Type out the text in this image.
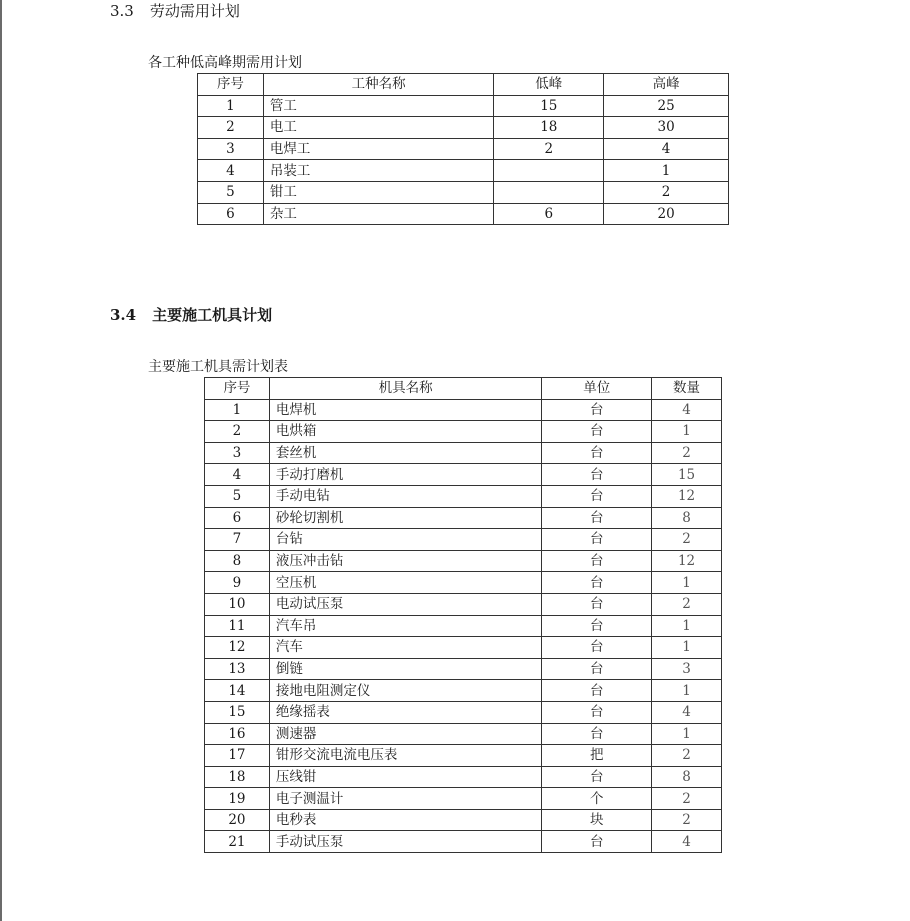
3.3 劳动需用计划
各工种低高峰期需用计划
序号	工种名称	低峰	高峰
1	管工	15	25
2	电工	18	30
3	电焊工	2	4
4	吊装工		1
5	钳工		2
6	杂工	6	20
3.4 主要施工机具计划
主要施工机具需计划表
序号	机具名称	单位	数量
1	电焊机	台	4
2	电烘箱	台	1
3	套丝机	台	2
4	手动打磨机	台	15
5	手动电钻	台	12
6	砂轮切割机	台	8
7	台钻	台	2
8	液压冲击钻	台	12
9	空压机	台	1
10	电动试压泵	台	2
11	汽车吊	台	1
12	汽车	台	1
13	倒链	台	3
14	接地电阻测定仪	台	1
15	绝缘摇表	台	4
16	测速器	台	1
17	钳形交流电流电压表	把	2
18	压线钳	台	8
19	电子测温计	个	2
20	电秒表	块	2
21	手动试压泵	台	4
